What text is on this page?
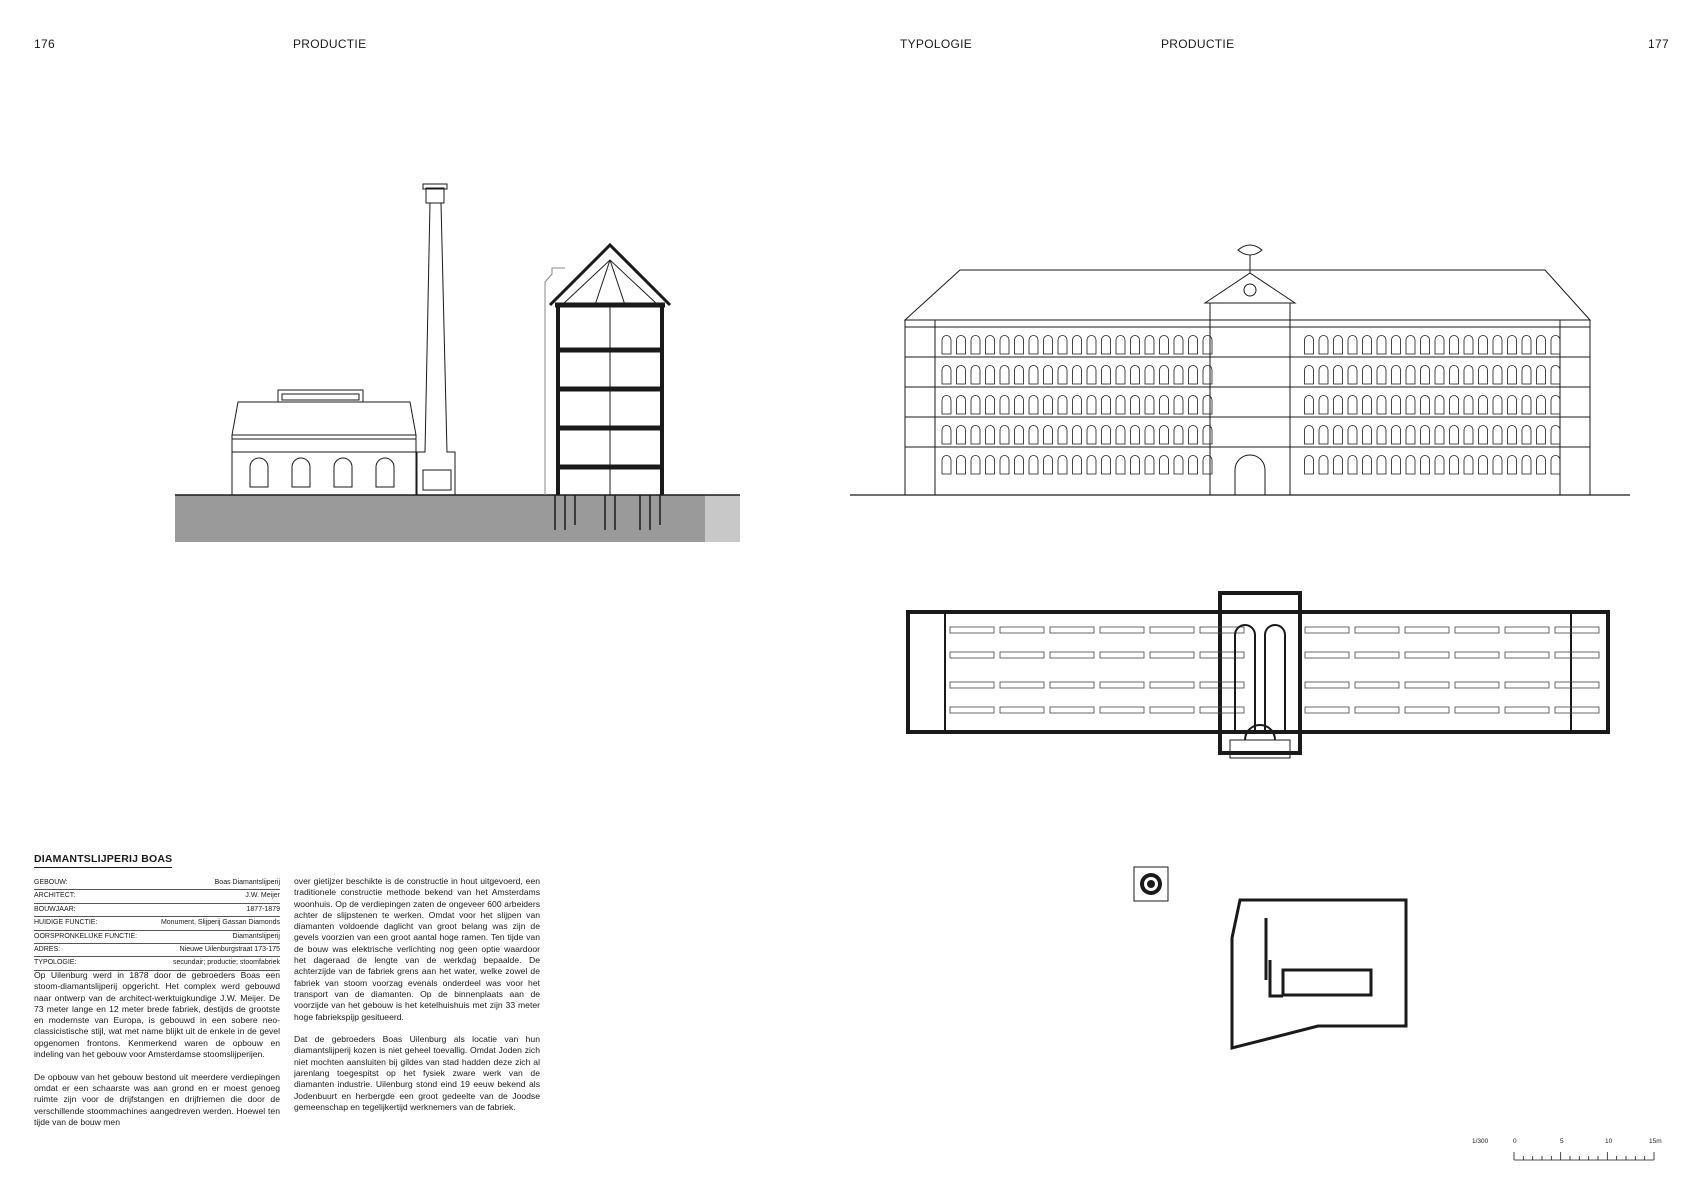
176	PRODUCTIE	TYPOLOGIE	PRODUCTIE	177
DIAMANTSLIJPERIJ BOAS
GEBOUW:	Boas Diamantslijperij
ARCHITECT:	J.W. Meijer
BOUWJAAR:	1877-1879
HUIDIGE FUNCTIE:	Monument, Slijperij Gassan Diamonds
OORSPRONKELIJKE FUNCTIE:	Diamantslijperij
ADRES:	Nieuwe Uilenburgstraat 173-175
TYPOLOGIE:	secundair; productie; stoomfabriek

Op Uilenburg werd in 1878 door de gebroeders Boas een stoom-diamantslijperij opgericht. Het complex werd gebouwd naar ontwerp van de architect-werktuigkundige J.W. Meijer. De 73 meter lange en 12 meter brede fabriek, destijds de grootste en modernste van Europa, is gebouwd in een sobere neo-classicistische stijl, wat met name blijkt uit de enkele in de gevel opgenomen frontons. Kenmerkend waren de opbouw en indeling van het gebouw voor Amsterdamse stoomslijperijen.

De opbouw van het gebouw bestond uit meerdere verdiepingen omdat er een schaarste was aan grond en er moest genoeg ruimte zijn voor de drijfstangen en drijfriemen die door de verschillende stoommachines aangedreven werden. Hoewel ten tijde van de bouw men

over gietijzer beschikte is de constructie in hout uitgevoerd, een traditionele constructie methode bekend van het Amsterdams woonhuis. Op de verdiepingen zaten de ongeveer 600 arbeiders achter de slijpstenen te werken. Omdat voor het slijpen van diamanten voldoende daglicht van groot belang was zijn de gevels voorzien van een groot aantal hoge ramen. Ten tijde van de bouw was elektrische verlichting nog geen optie waardoor het dageraad de lengte van de werkdag bepaalde. De achterzijde van de fabriek grens aan het water, welke zowel de fabriek van stoom voorzag evenals onderdeel was voor het transport van de diamanten. Op de binnenplaats aan de voorzijde van het gebouw is het ketelhuishuis met zijn 33 meter hoge fabriekspijp gesitueerd.

Dat de gebroeders Boas Uilenburg als locatie van hun diamantslijperij kozen is niet geheel toevallig. Omdat Joden zich niet mochten aansluiten bij gildes van stad hadden deze zich al jarenlang toegespitst op het fysiek zware werk van de diamanten industrie. Uilenburg stond eind 19 eeuw bekend als Jodenbuurt en herbergde een groot gedeelte van de Joodse gemeenschap en tegelijkertijd werknemers van de fabriek.

1/300	0	5	10	15m
